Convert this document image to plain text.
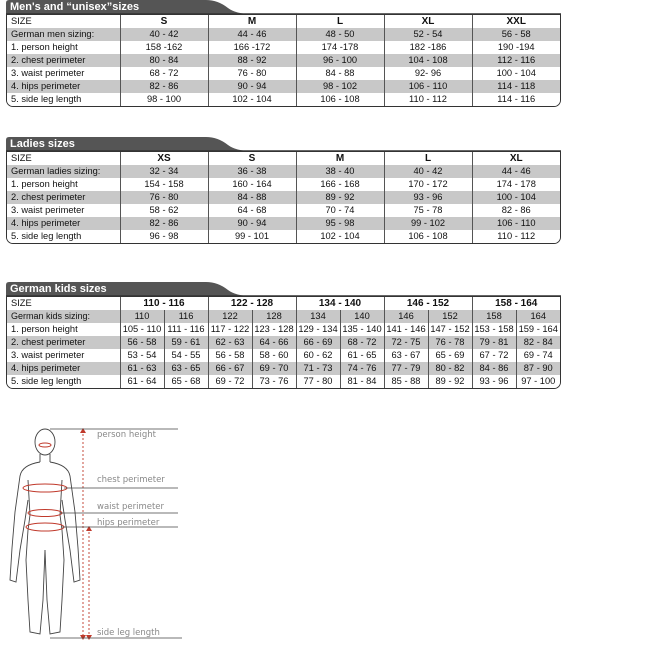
Men's and “unisex”sizes
SIZE	S	M	L	XL	XXL
German men sizing:	40 - 42	44 - 46	48 - 50	52 - 54	56 - 58
1. person height	158 -162	166 -172	174 -178	182 -186	190 -194
2. chest perimeter	80 - 84	88 - 92	96 - 100	104 - 108	112 - 116
3. waist perimeter	68 - 72	76 - 80	84 - 88	92- 96	100 - 104
4. hips perimeter	82 - 86	90 - 94	98 - 102	106 - 110	114 - 118
5. side leg length	98 - 100	102 - 104	106 - 108	110 - 112	114 - 116
Ladies sizes
SIZE	XS	S	M	L	XL
German ladies sizing:	32 - 34	36 - 38	38 - 40	40 - 42	44 - 46
1. person height	154 - 158	160 - 164	166 - 168	170 - 172	174 - 178
2. chest perimeter	76 - 80	84 - 88	89 - 92	93 - 96	100 - 104
3. waist perimeter	58 - 62	64 - 68	70 - 74	75 - 78	82 - 86
4. hips perimeter	82 - 86	90 - 94	95 - 98	99 - 102	106 - 110
5. side leg length	96 - 98	99 - 101	102 - 104	106 - 108	110 - 112
German kids sizes
SIZE	110 - 116		122 - 128		134 - 140		146 - 152		158 - 164	
German kids sizing:	110	116	122	128	134	140	146	152	158	164
1. person height	105 - 110	111 - 116	117 - 122	123 - 128	129 - 134	135 - 140	141 - 146	147 - 152	153 - 158	159 - 164
2. chest perimeter	56 - 58	59 - 61	62 - 63	64 - 66	66 - 69	68 - 72	72 - 75	76 - 78	79 - 81	82 - 84
3. waist perimeter	53 - 54	54 - 55	56 - 58	58 - 60	60 - 62	61 - 65	63 - 67	65 - 69	67 - 72	69 - 74
4. hips perimeter	61 - 63	63 - 65	66 - 67	69 - 70	71 - 73	74 - 76	77 - 79	80 - 82	84 - 86	87 - 90
5. side leg length	61 - 64	65 - 68	69 - 72	73 - 76	77 - 80	81 - 84	85 - 88	89 - 92	93 - 96	97 - 100
person height
chest perimeter
waist perimeter
hips perimeter
side leg length
